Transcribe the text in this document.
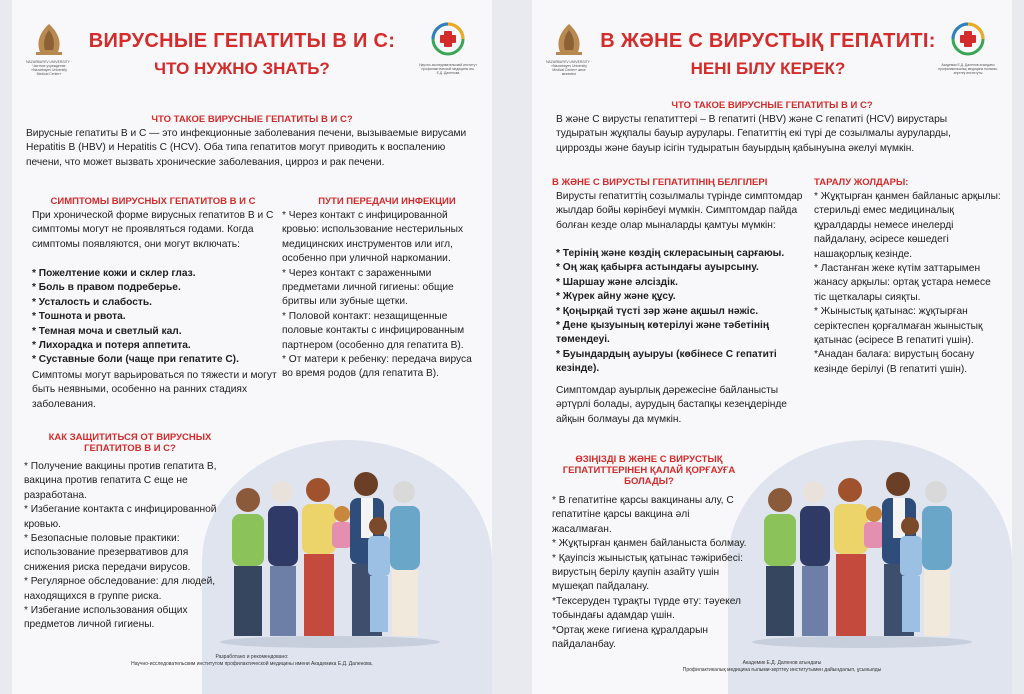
NAZARBAYEV UNIVERSITY · Частное учреждение «Nazarbayev University Medical Center»
Научно-исследовательский институт профилактической медицины им. Е.Д. Даленова
ВИРУСНЫЕ ГЕПАТИТЫ В И С:
ЧТО НУЖНО ЗНАТЬ?
ЧТО ТАКОЕ ВИРУСНЫЕ ГЕПАТИТЫ В И С?
Вирусные гепатиты В и С — это инфекционные заболевания печени, вызываемые вирусами Hepatitis B (HBV) и Hepatitis C (HCV). Оба типа гепатитов могут приводить к воспалению печени, что может вызвать хронические заболевания, цирроз и рак печени.
СИМПТОМЫ ВИРУСНЫХ ГЕПАТИТОВ В И С
При хронической форме вирусных гепатитов В и С симптомы могут не проявляться годами. Когда симптомы появляются, они могут включать:
* Пожелтение кожи и склер глаз.
* Боль в правом подреберье.
* Усталость и слабость.
* Тошнота и рвота.
* Темная моча и светлый кал.
* Лихорадка и потеря аппетита.
* Суставные боли (чаще при гепатите С).
Симптомы могут варьироваться по тяжести и могут быть неявными, особенно на ранних стадиях заболевания.
ПУТИ ПЕРЕДАЧИ ИНФЕКЦИИ
* Через контакт с инфицированной кровью: использование нестерильных медицинских инструментов или игл, особенно при уличной наркомании.
* Через контакт с зараженными предметами личной гигиены: общие бритвы или зубные щетки.
* Половой контакт: незащищенные половые контакты с инфицированным партнером (особенно для гепатита В).
* От матери к ребенку: передача вируса во время родов (для гепатита В).
КАК ЗАЩИТИТЬСЯ ОТ ВИРУСНЫХ ГЕПАТИТОВ В И С?
* Получение вакцины против гепатита В, вакцина против гепатита С еще не разработана.
* Избегание контакта с инфицированной кровью.
* Безопасные половые практики: использование презервативов для снижения риска передачи вирусов.
* Регулярное обследование: для людей, находящихся в группе риска.
* Избегание использования общих предметов личной гигиены.
Разработано и рекомендовано:
Научно-исследовательским институтом профилактической медицины имени Академика Е.Д. Даленова.
NAZARBAYEV UNIVERSITY · «Nazarbayev University Medical Center» жеке мекемесі
Академик Е.Д. Даленов атындағы профилактикалық медицина ғылыми-зерттеу институты
В ЖӘНЕ С ВИРУСТЫҚ ГЕПАТИТІ:
НЕНІ БІЛУ КЕРЕК?
ЧТО ТАКОЕ ВИРУСНЫЕ ГЕПАТИТЫ В И С?
В және С вирусты гепатиттері – В гепатиті (HBV) және С гепатиті (HCV) вирустары тудыратын жұқпалы бауыр аурулары. Гепатиттің екі түрі де созылмалы ауруларды, циррозды және бауыр ісігін тудыратын бауырдың қабынуына әкелуі мүмкін.
В ЖӘНЕ С ВИРУСТЫ ГЕПАТИТІНІҢ БЕЛГІЛЕРІ
Вирусты гепатиттің созылмалы түрінде симптомдар жылдар бойы көрінбеуі мүмкін. Симптомдар пайда болған кезде олар мыналарды қамтуы мүмкін:
* Терінің және көздің склерасының сарғаюы.
* Оң жақ қабырға астындағы ауырсыну.
* Шаршау және әлсіздік.
* Жүрек айну және құсу.
* Қоңырқай түсті зәр және ақшыл нәжіс.
* Дене қызуының көтерілуі және тәбетінің төмендеуі.
* Буындардың ауыруы (көбінесе С гепатиті кезінде).
Симптомдар ауырлық дәрежесіне байланысты әртүрлі болады, аурудың бастапқы кезеңдерінде айқын болмауы да мүмкін.
ТАРАЛУ ЖОЛДАРЫ:
* Жұқтырған қанмен байланыс арқылы: стерильді емес медициналық құралдарды немесе инелерді пайдалану, әсіресе көшедегі нашақорлық кезінде.
* Ластанған жеке күтім заттарымен жанасу арқылы: ортақ ұстара немесе тіс щеткалары сияқты.
* Жыныстық қатынас: жұқтырған серіктеспен қорғалмаған жыныстық қатынас (әсіресе В гепатиті үшін).
*Анадан балаға: вирустың босану кезінде берілуі (В гепатиті үшін).
ӨЗІҢІЗДІ В ЖӘНЕ С ВИРУСТЫҚ ГЕПАТИТТЕРІНЕН ҚАЛАЙ ҚОРҒАУҒА БОЛАДЫ?
* В гепатитіне қарсы вакцинаны алу, С гепатитіне қарсы вакцина әлі жасалмаған.
* Жұқтырған қанмен байланыста болмау.
* Қауіпсіз жыныстық қатынас тәжірибесі: вирустың берілу қаупін азайту үшін мүшеқап пайдалану.
*Тексеруден тұрақты түрде өту: тәуекел тобындағы адамдар үшін.
*Ортақ жеке гигиена құралдарын пайдаланбау.
Академик Е.Д. Даленов атындағы
Профилактикалық медицина ғылыми-зерттеу институтымен дайындалып, ұсынылды
